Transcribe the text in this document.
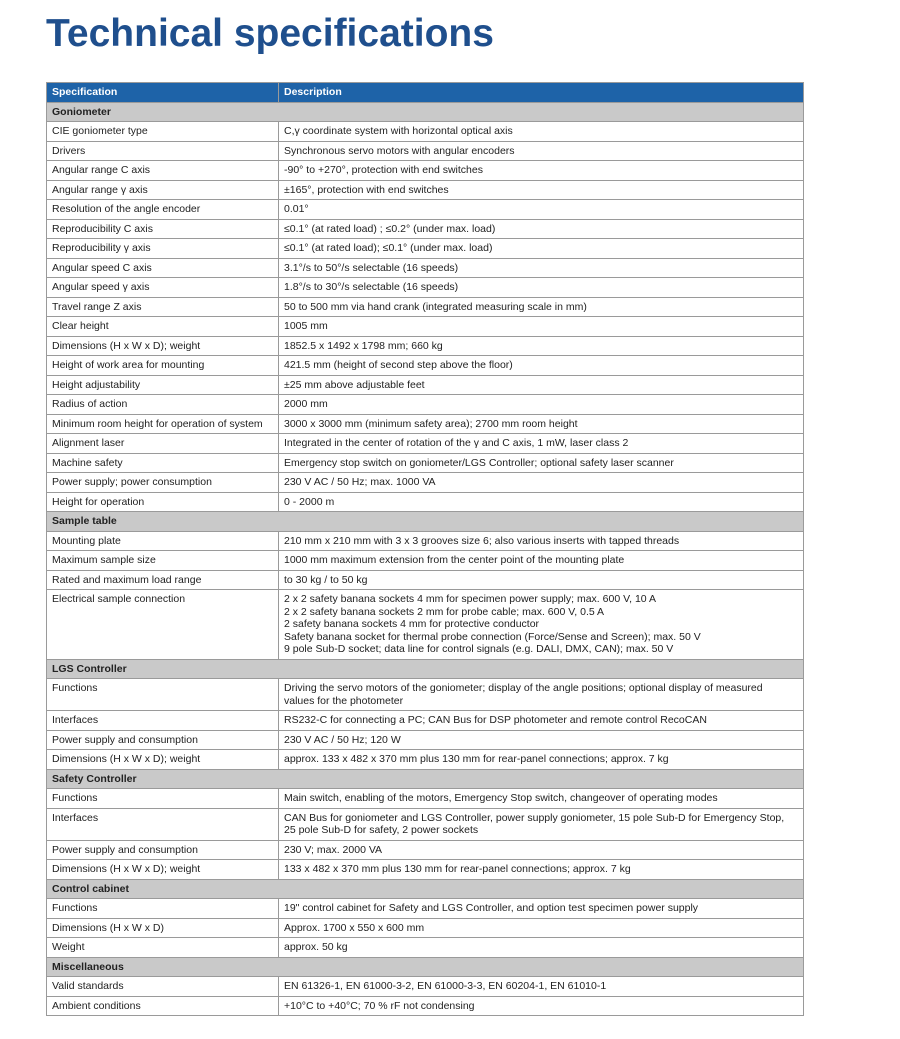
Technical specifications
Specification	Description
Goniometer	
CIE goniometer type	C,γ coordinate system with horizontal optical axis

Drivers	Synchronous servo motors with angular encoders

Angular range C axis	-90° to +270°, protection with end switches

Angular range γ axis	±165°, protection with end switches

Resolution of the angle encoder	0.01°

Reproducibility C axis	≤0.1° (at rated load) ; ≤0.2° (under max. load)

Reproducibility γ axis	≤0.1° (at rated load); ≤0.1° (under max. load)

Angular speed C axis	3.1°/s to 50°/s selectable (16 speeds)

Angular speed γ axis	1.8°/s to 30°/s selectable (16 speeds)

Travel range Z axis	50 to 500 mm via hand crank (integrated measuring scale in mm)

Clear height	1005 mm

Dimensions (H x W x D); weight	1852.5 x 1492 x 1798 mm; 660 kg

Height of work area for mounting	421.5 mm (height of second step above the floor)

Height adjustability	±25 mm above adjustable feet

Radius of action	2000 mm

Minimum room height for operation of system	3000 x 3000 mm (minimum safety area); 2700 mm room height

Alignment laser	Integrated in the center of rotation of the γ and C axis, 1 mW, laser class 2

Machine safety	Emergency stop switch on goniometer/LGS Controller; optional safety laser scanner

Power supply; power consumption	230 V AC / 50 Hz; max. 1000 VA

Height for operation	0 - 2000 m

Sample table	
Mounting plate	210 mm x 210 mm with 3 x 3 grooves size 6; also various inserts with tapped threads

Maximum sample size	1000 mm maximum extension from the center point of the mounting plate

Rated and maximum load range	to 30 kg / to 50 kg

Electrical sample connection	2 x 2 safety banana sockets 4 mm for specimen power supply; max. 600 V, 10 A
2 x 2 safety banana sockets 2 mm for probe cable; max. 600 V, 0.5 A
2 safety banana sockets 4 mm for protective conductor
Safety banana socket for thermal probe connection (Force/Sense and Screen); max. 50 V
9 pole Sub-D socket; data line for control signals (e.g. DALI, DMX, CAN); max. 50 V

LGS Controller	
Functions	Driving the servo motors of the goniometer; display of the angle positions; optional display of measured
values for the photometer

Interfaces	RS232-C for connecting a PC; CAN Bus for DSP photometer and remote control RecoCAN

Power supply and consumption	230 V AC / 50 Hz; 120 W

Dimensions (H x W x D); weight	approx. 133 x 482 x 370 mm plus 130 mm for rear-panel connections; approx. 7 kg

Safety Controller	
Functions	Main switch, enabling of the motors, Emergency Stop switch, changeover of operating modes

Interfaces	CAN Bus for goniometer and LGS Controller, power supply goniometer, 15 pole Sub-D for Emergency Stop,
25 pole Sub-D for safety, 2 power sockets

Power supply and consumption	230 V; max. 2000 VA

Dimensions (H x W x D); weight	133 x 482 x 370 mm plus 130 mm for rear-panel connections; approx. 7 kg

Control cabinet	
Functions	19" control cabinet for Safety and LGS Controller, and option test specimen power supply

Dimensions (H x W x D)	Approx. 1700 x 550 x 600 mm

Weight	approx. 50 kg

Miscellaneous	
Valid standards	EN 61326-1, EN 61000-3-2, EN 61000-3-3, EN 60204-1, EN 61010-1

Ambient conditions	+10°C to +40°C; 70 % rF not condensing
